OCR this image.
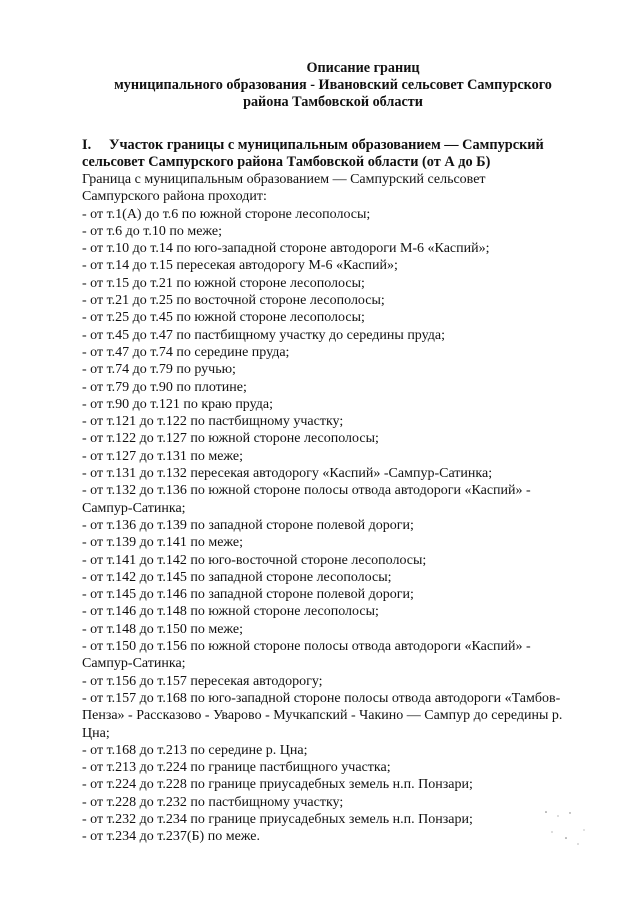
Описание границ
муниципального образования - Ивановский сельсовет Сампурского
района Тамбовской области
I. Участок границы с муниципальным образованием — Сампурский
сельсовет Сампурского района Тамбовской области (от А до Б)
Граница с муниципальным образованием — Сампурский сельсовет
Сампурского района проходит:
- от т.1(А) до т.6 по южной стороне лесополосы;
- от т.6 до т.10 по меже;
- от т.10 до т.14 по юго-западной стороне автодороги М-6 «Каспий»;
- от т.14 до т.15 пересекая автодорогу М-6 «Каспий»;
- от т.15 до т.21 по южной стороне лесополосы;
- от т.21 до т.25 по восточной стороне лесополосы;
- от т.25 до т.45 по южной стороне лесополосы;
- от т.45 до т.47 по пастбищному участку до середины пруда;
- от т.47 до т.74 по середине пруда;
- от т.74 до т.79 по ручью;
- от т.79 до т.90 по плотине;
- от т.90 до т.121 по краю пруда;
- от т.121 до т.122 по пастбищному участку;
- от т.122 до т.127 по южной стороне лесополосы;
- от т.127 до т.131 по меже;
- от т.131 до т.132 пересекая автодорогу «Каспий» -Сампур-Сатинка;
- от т.132 до т.136 по южной стороне полосы отвода автодороги «Каспий» - Сампур-Сатинка;
- от т.136 до т.139 по западной стороне полевой дороги;
- от т.139 до т.141 по меже;
- от т.141 до т.142 по юго-восточной стороне лесополосы;
- от т.142 до т.145 по западной стороне лесополосы;
- от т.145 до т.146 по западной стороне полевой дороги;
- от т.146 до т.148 по южной стороне лесополосы;
- от т.148 до т.150 по меже;
- от т.150 до т.156 по южной стороне полосы отвода автодороги «Каспий» - Сампур-Сатинка;
- от т.156 до т.157 пересекая автодорогу;
- от т.157 до т.168 по юго-западной стороне полосы отвода автодороги «Тамбов-Пенза» - Рассказово - Уварово - Мучкапский - Чакино — Сампур до середины р. Цна;
- от т.168 до т.213 по середине р. Цна;
- от т.213 до т.224 по границе пастбищного участка;
- от т.224 до т.228 по границе приусадебных земель н.п. Понзари;
- от т.228 до т.232 по пастбищному участку;
- от т.232 до т.234 по границе приусадебных земель н.п. Понзари;
- от т.234 до т.237(Б) по меже.
